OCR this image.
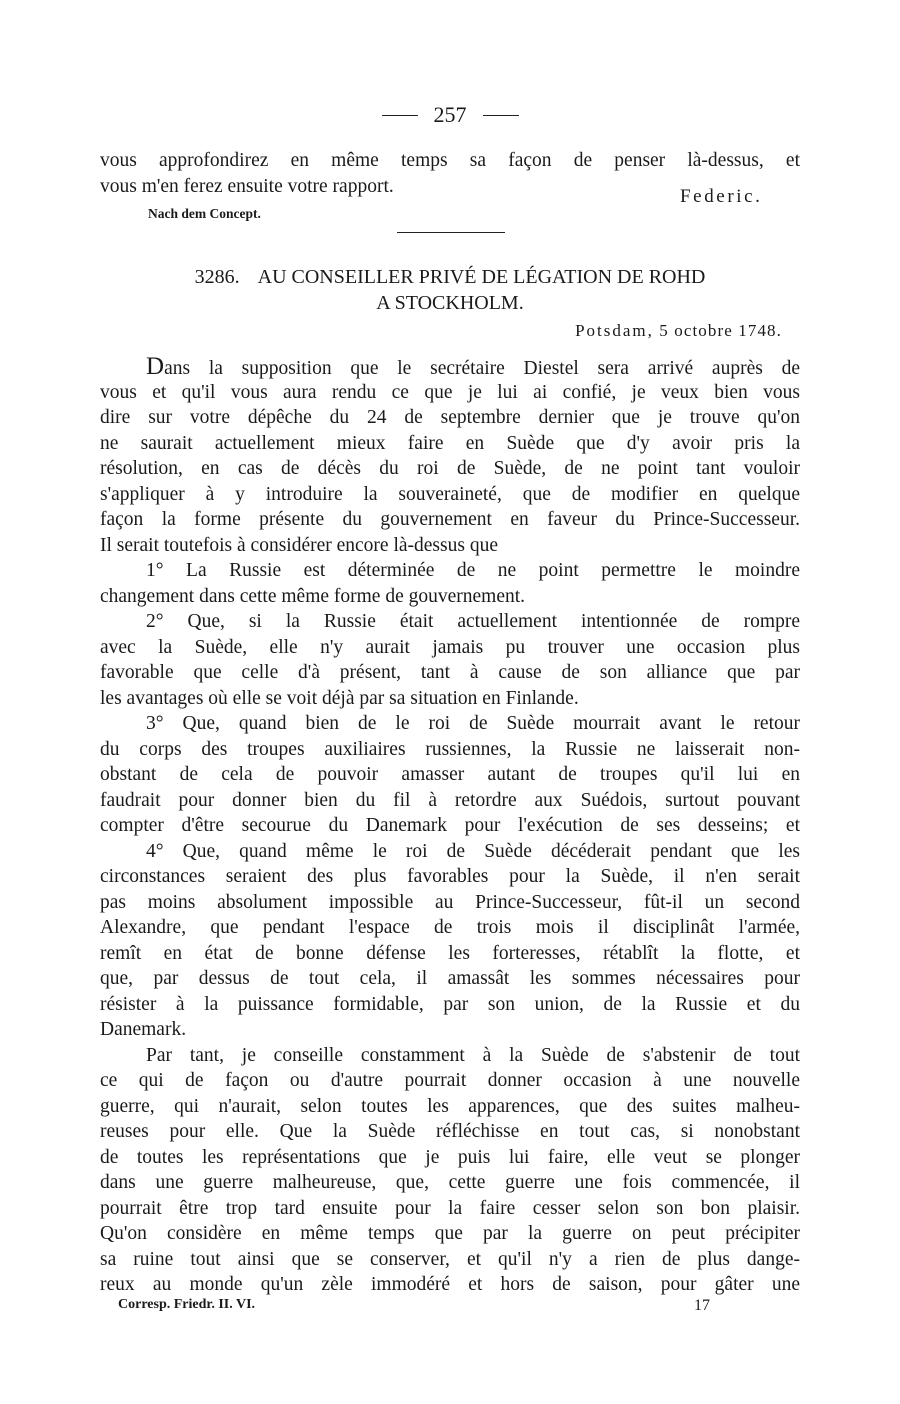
257
vous approfondirez en même temps sa façon de penser là-dessus, et
vous m'en ferez ensuite votre rapport.	Federic.
Nach dem Concept.
3286. AU CONSEILLER PRIVÉ DE LÉGATION DE ROHD
A STOCKHOLM.
Potsdam, 5 octobre 1748.
Dans la supposition que le secrétaire Diestel sera arrivé auprès de
vous et qu'il vous aura rendu ce que je lui ai confié, je veux bien vous
dire sur votre dépêche du 24 de septembre dernier que je trouve qu'on
ne saurait actuellement mieux faire en Suède que d'y avoir pris la
résolution, en cas de décès du roi de Suède, de ne point tant vouloir
s'appliquer à y introduire la souveraineté, que de modifier en quelque
façon la forme présente du gouvernement en faveur du Prince-Successeur.
Il serait toutefois à considérer encore là-dessus que
1° La Russie est déterminée de ne point permettre le moindre
changement dans cette même forme de gouvernement.
2° Que, si la Russie était actuellement intentionnée de rompre
avec la Suède, elle n'y aurait jamais pu trouver une occasion plus
favorable que celle d'à présent, tant à cause de son alliance que par
les avantages où elle se voit déjà par sa situation en Finlande.
3° Que, quand bien de le roi de Suède mourrait avant le retour
du corps des troupes auxiliaires russiennes, la Russie ne laisserait non-
obstant de cela de pouvoir amasser autant de troupes qu'il lui en
faudrait pour donner bien du fil à retordre aux Suédois, surtout pouvant
compter d'être secourue du Danemark pour l'exécution de ses desseins; et
4° Que, quand même le roi de Suède décéderait pendant que les
circonstances seraient des plus favorables pour la Suède, il n'en serait
pas moins absolument impossible au Prince-Successeur, fût-il un second
Alexandre, que pendant l'espace de trois mois il disciplinât l'armée,
remît en état de bonne défense les forteresses, rétablît la flotte, et
que, par dessus de tout cela, il amassât les sommes nécessaires pour
résister à la puissance formidable, par son union, de la Russie et du
Danemark.
Par tant, je conseille constamment à la Suède de s'abstenir de tout
ce qui de façon ou d'autre pourrait donner occasion à une nouvelle
guerre, qui n'aurait, selon toutes les apparences, que des suites malheu-
reuses pour elle. Que la Suède réfléchisse en tout cas, si nonobstant
de toutes les représentations que je puis lui faire, elle veut se plonger
dans une guerre malheureuse, que, cette guerre une fois commencée, il
pourrait être trop tard ensuite pour la faire cesser selon son bon plaisir.
Qu'on considère en même temps que par la guerre on peut précipiter
sa ruine tout ainsi que se conserver, et qu'il n'y a rien de plus dange-
reux au monde qu'un zèle immodéré et hors de saison, pour gâter une
Corresp. Friedr. II. VI.	17
